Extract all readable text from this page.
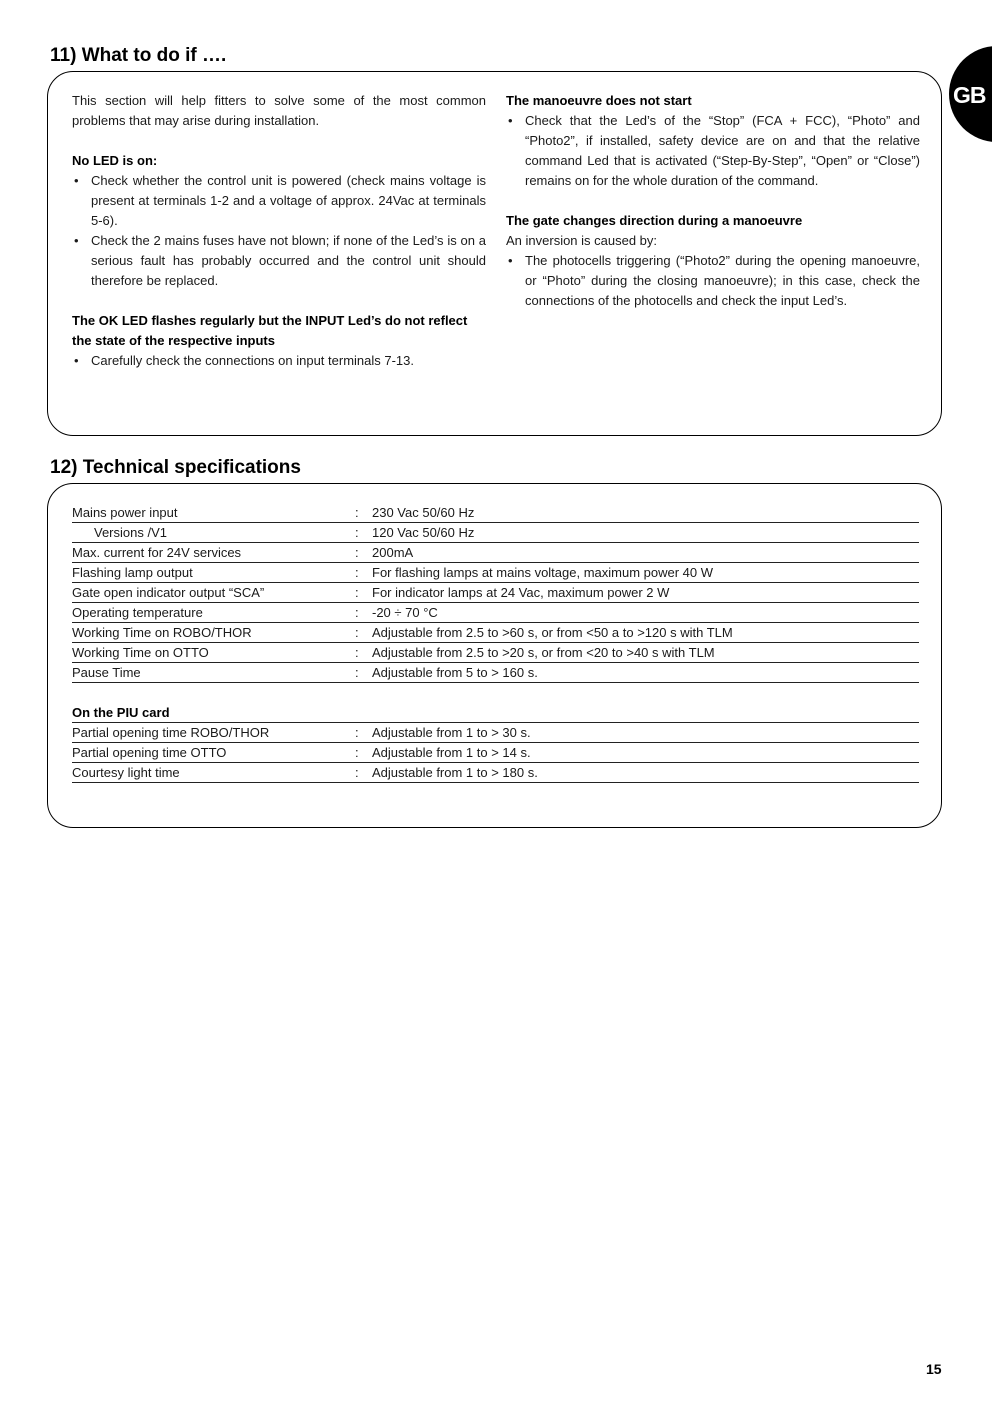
11) What to do if ….
GB

This section will help fitters to solve some of the most common problems that may arise during installation.

No LED is on:
• Check whether the control unit is powered (check mains voltage is present at terminals 1-2 and a voltage of approx. 24Vac at terminals 5-6).
• Check the 2 mains fuses have not blown; if none of the Led’s is on a serious fault has probably occurred and the control unit should therefore be replaced.
The OK LED flashes regularly but the INPUT Led’s do not reflect the state of the respective inputs
• Carefully check the connections on input terminals 7-13.
The manoeuvre does not start
• Check that the Led’s of the “Stop” (FCA + FCC), “Photo” and “Photo2”, if installed, safety device are on and that the relative command Led that is activated (“Step-By-Step”, “Open” or “Close”) remains on for the whole duration of the command.
The gate changes direction during a manoeuvre

An inversion is caused by:

• The photocells triggering (“Photo2” during the opening manoeuvre, or “Photo” during the closing manoeuvre); in this case, check the connections of the photocells and check the input Led’s.
12) Technical specifications
Mains power input	:	230 Vac 50/60 Hz
Versions /V1	:	120 Vac 50/60 Hz
Max. current for 24V services	:	200mA
Flashing lamp output	:	For flashing lamps at mains voltage, maximum power 40 W
Gate open indicator output “SCA”	:	For indicator lamps at 24 Vac, maximum power 2 W
Operating temperature	:	-20 ÷ 70 °C
Working Time on ROBO/THOR	:	Adjustable from 2.5 to >60 s, or from <50 a to >120 s with TLM
Working Time on OTTO	:	Adjustable from 2.5 to >20 s, or from <20 to >40 s with TLM
Pause Time	:	Adjustable from 5 to > 160 s.
On the PIU card
Partial opening time ROBO/THOR	:	Adjustable from 1 to > 30 s.
Partial opening time OTTO	:	Adjustable from 1 to > 14 s.
Courtesy light time	:	Adjustable from 1 to > 180 s.
15
